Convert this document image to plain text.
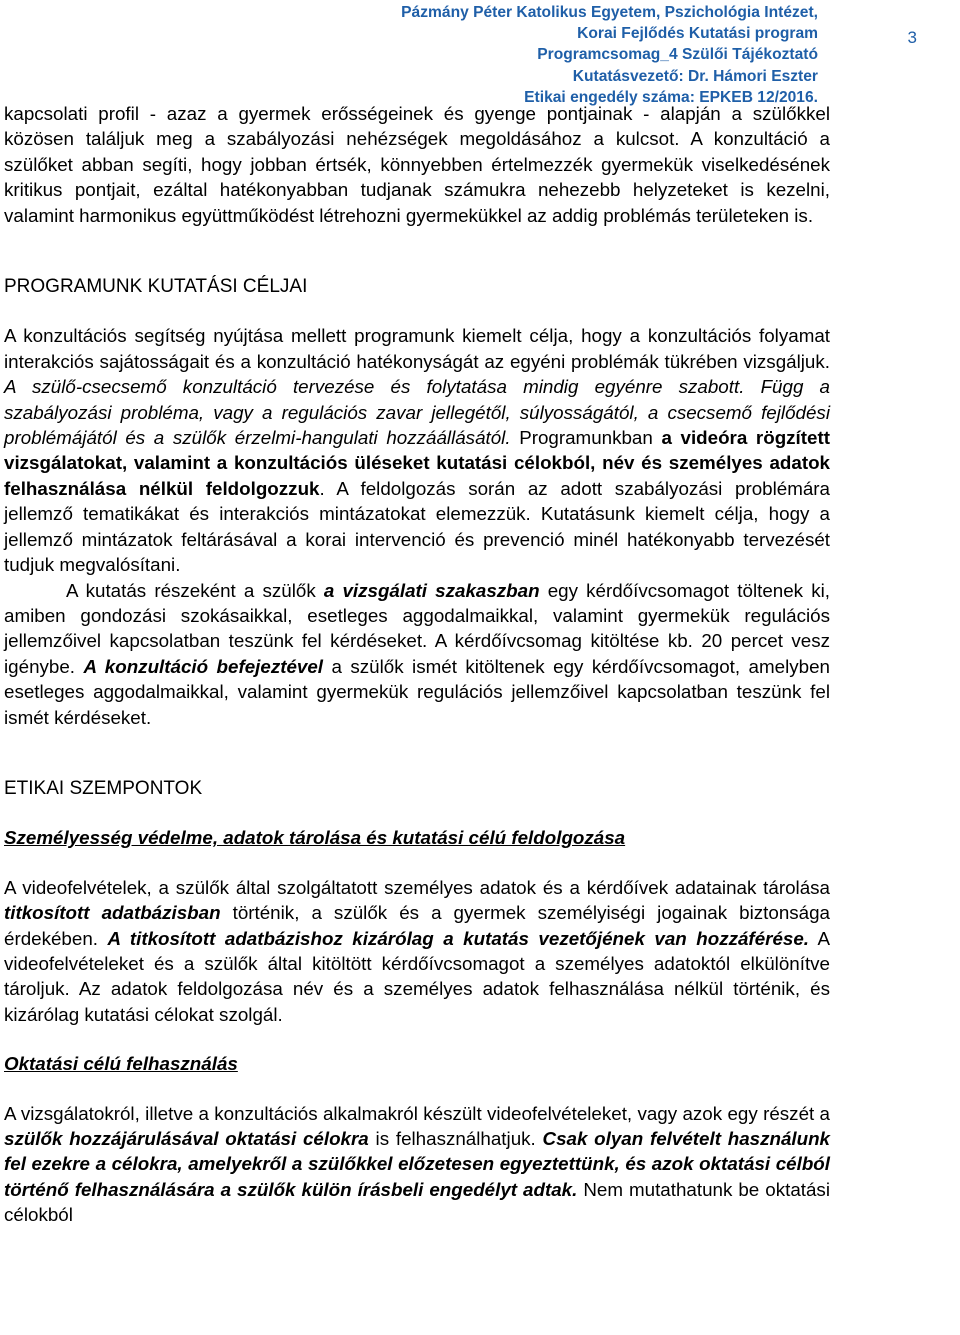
Pázmány Péter Katolikus Egyetem, Pszichológia Intézet,
Korai Fejlődés Kutatási program
Programcsomag_4 Szülői Tájékoztató
Kutatásvezető: Dr. Hámori Eszter
Etikai engedély száma: EPKEB 12/2016.
3

kapcsolati profil - azaz a gyermek erősségeinek és gyenge pontjainak - alapján a szülőkkel közösen találjuk meg a szabályozási nehézségek megoldásához a kulcsot. A konzultáció a szülőket abban segíti, hogy jobban értsék, könnyebben értelmezzék gyermekük viselkedésének kritikus pontjait, ezáltal hatékonyabban tudjanak számukra nehezebb helyzeteket is kezelni, valamint harmonikus együttműködést létrehozni gyermekükkel az addig problémás területeken is.

PROGRAMUNK KUTATÁSI CÉLJAI

A konzultációs segítség nyújtása mellett programunk kiemelt célja, hogy a konzultációs folyamat interakciós sajátosságait és a konzultáció hatékonyságát az egyéni problémák tükrében vizsgáljuk. A szülő-csecsemő konzultáció tervezése és folytatása mindig egyénre szabott. Függ a szabályozási probléma, vagy a regulációs zavar jellegétől, súlyosságától, a csecsemő fejlődési problémájától és a szülők érzelmi-hangulati hozzáállásától. Programunkban a videóra rögzített vizsgálatokat, valamint a konzultációs üléseket kutatási célokból, név és személyes adatok felhasználása nélkül feldolgozzuk. A feldolgozás során az adott szabályozási problémára jellemző tematikákat és interakciós mintázatokat elemezzük. Kutatásunk kiemelt célja, hogy a jellemző mintázatok feltárásával a korai intervenció és prevenció minél hatékonyabb tervezését tudjuk megvalósítani.

A kutatás részeként a szülők a vizsgálati szakaszban egy kérdőívcsomagot töltenek ki, amiben gondozási szokásaikkal, esetleges aggodalmaikkal, valamint gyermekük regulációs jellemzőivel kapcsolatban teszünk fel kérdéseket. A kérdőívcsomag kitöltése kb. 20 percet vesz igénybe. A konzultáció befejeztével a szülők ismét kitöltenek egy kérdőívcsomagot, amelyben esetleges aggodalmaikkal, valamint gyermekük regulációs jellemzőivel kapcsolatban teszünk fel ismét kérdéseket.

ETIKAI SZEMPONTOK

Személyesség védelme, adatok tárolása és kutatási célú feldolgozása

A videofelvételek, a szülők által szolgáltatott személyes adatok és a kérdőívek adatainak tárolása titkosított adatbázisban történik, a szülők és a gyermek személyiségi jogainak biztonsága érdekében. A titkosított adatbázishoz kizárólag a kutatás vezetőjének van hozzáférése. A videofelvételeket és a szülők által kitöltött kérdőívcsomagot a személyes adatoktól elkülönítve tároljuk. Az adatok feldolgozása név és a személyes adatok felhasználása nélkül történik, és kizárólag kutatási célokat szolgál.

Oktatási célú felhasználás

A vizsgálatokról, illetve a konzultációs alkalmakról készült videofelvételeket, vagy azok egy részét a szülők hozzájárulásával oktatási célokra is felhasználhatjuk. Csak olyan felvételt használunk fel ezekre a célokra, amelyekről a szülőkkel előzetesen egyeztettünk, és azok oktatási célból történő felhasználására a szülők külön írásbeli engedélyt adtak. Nem mutathatunk be oktatási célokból
